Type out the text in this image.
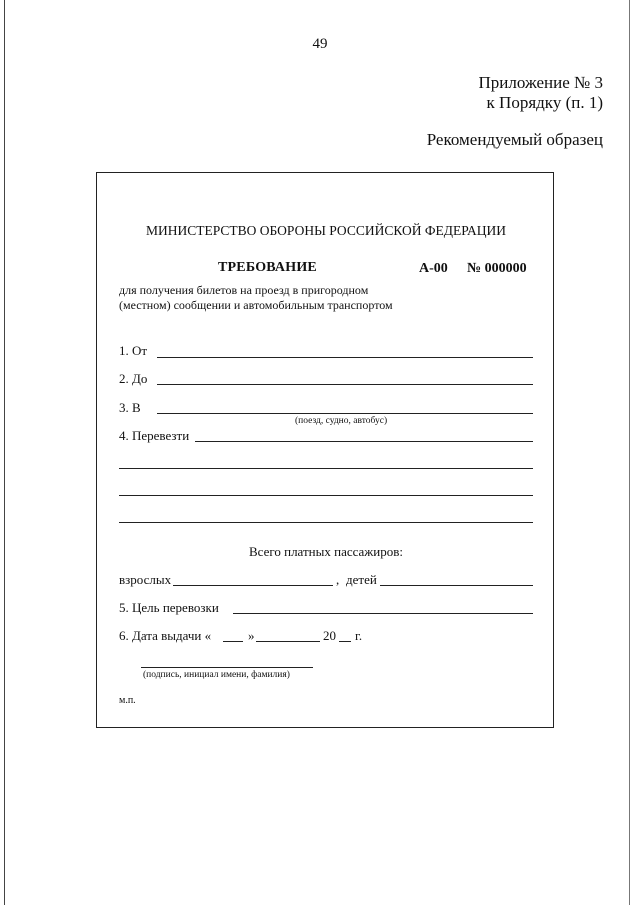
49
Приложение № 3
к Порядку (п. 1)
Рекомендуемый образец
МИНИСТЕРСТВО ОБОРОНЫ РОССИЙСКОЙ ФЕДЕРАЦИИ
ТРЕБОВАНИЕ	А-00 № 000000
для получения билетов на проезд в пригородном
(местном) сообщении и автомобильным транспортом
1. От
2. До
3. В
(поезд, судно, автобус)
4. Перевезти
Всего платных пассажиров:
взрослых	, детей
5. Цель перевозки
6. Дата выдачи «	»	20 г.
(подпись, инициал имени, фамилия)
м.п.
